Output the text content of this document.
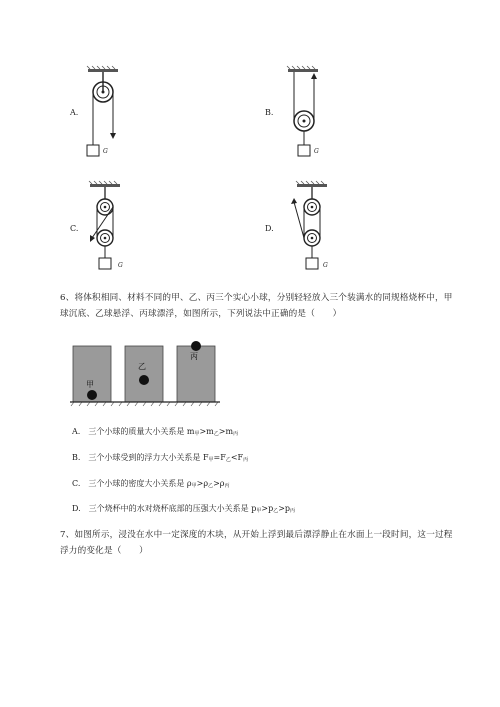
A.
G
B.
G
C.
G
D.
G
6、将体积相同、材料不同的甲、乙、丙三个实心小球，分别轻轻放入三个装满水的同规格烧杯中，甲
球沉底、乙球悬浮、丙球漂浮，如图所示，下列说法中正确的是（　　）
甲
乙
丙
A.　三个小球的质量大小关系是 $m_甲>m_乙>m_丙$
B.　三个小球受到的浮力大小关系是 $F_甲=F_乙<F_丙$
C.　三个小球的密度大小关系是 $\rho_甲>\rho_乙>\rho_丙$
D.　三个烧杯中的水对烧杯底部的压强大小关系是 $p_甲>p_乙>p_丙$
7、如图所示，浸没在水中一定深度的木块，从开始上浮到最后漂浮静止在水面上一段时间，这一过程
浮力的变化是（　　）
